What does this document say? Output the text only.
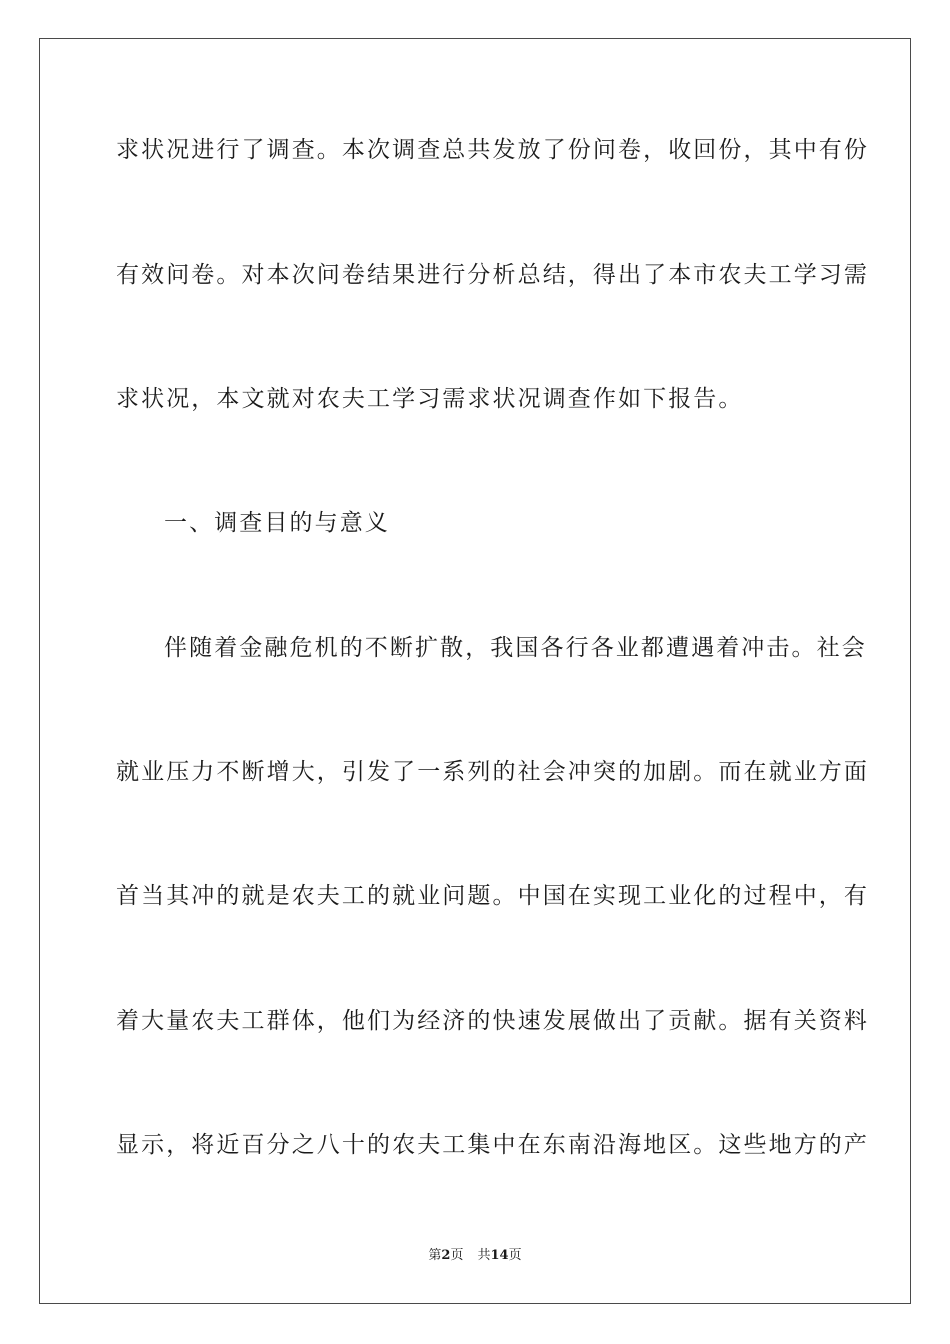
求状况进行了调查。本次调查总共发放了份问卷，收回份，其中有份
有效问卷。对本次问卷结果进行分析总结，得出了本市农夫工学习需
求状况，本文就对农夫工学习需求状况调查作如下报告。
一、调查目的与意义
伴随着金融危机的不断扩散，我国各行各业都遭遇着冲击。社会
就业压力不断增大，引发了一系列的社会冲突的加剧。而在就业方面
首当其冲的就是农夫工的就业问题。中国在实现工业化的过程中，有
着大量农夫工群体，他们为经济的快速发展做出了贡献。据有关资料
显示，将近百分之八十的农夫工集中在东南沿海地区。这些地方的产
第2页 共14页
